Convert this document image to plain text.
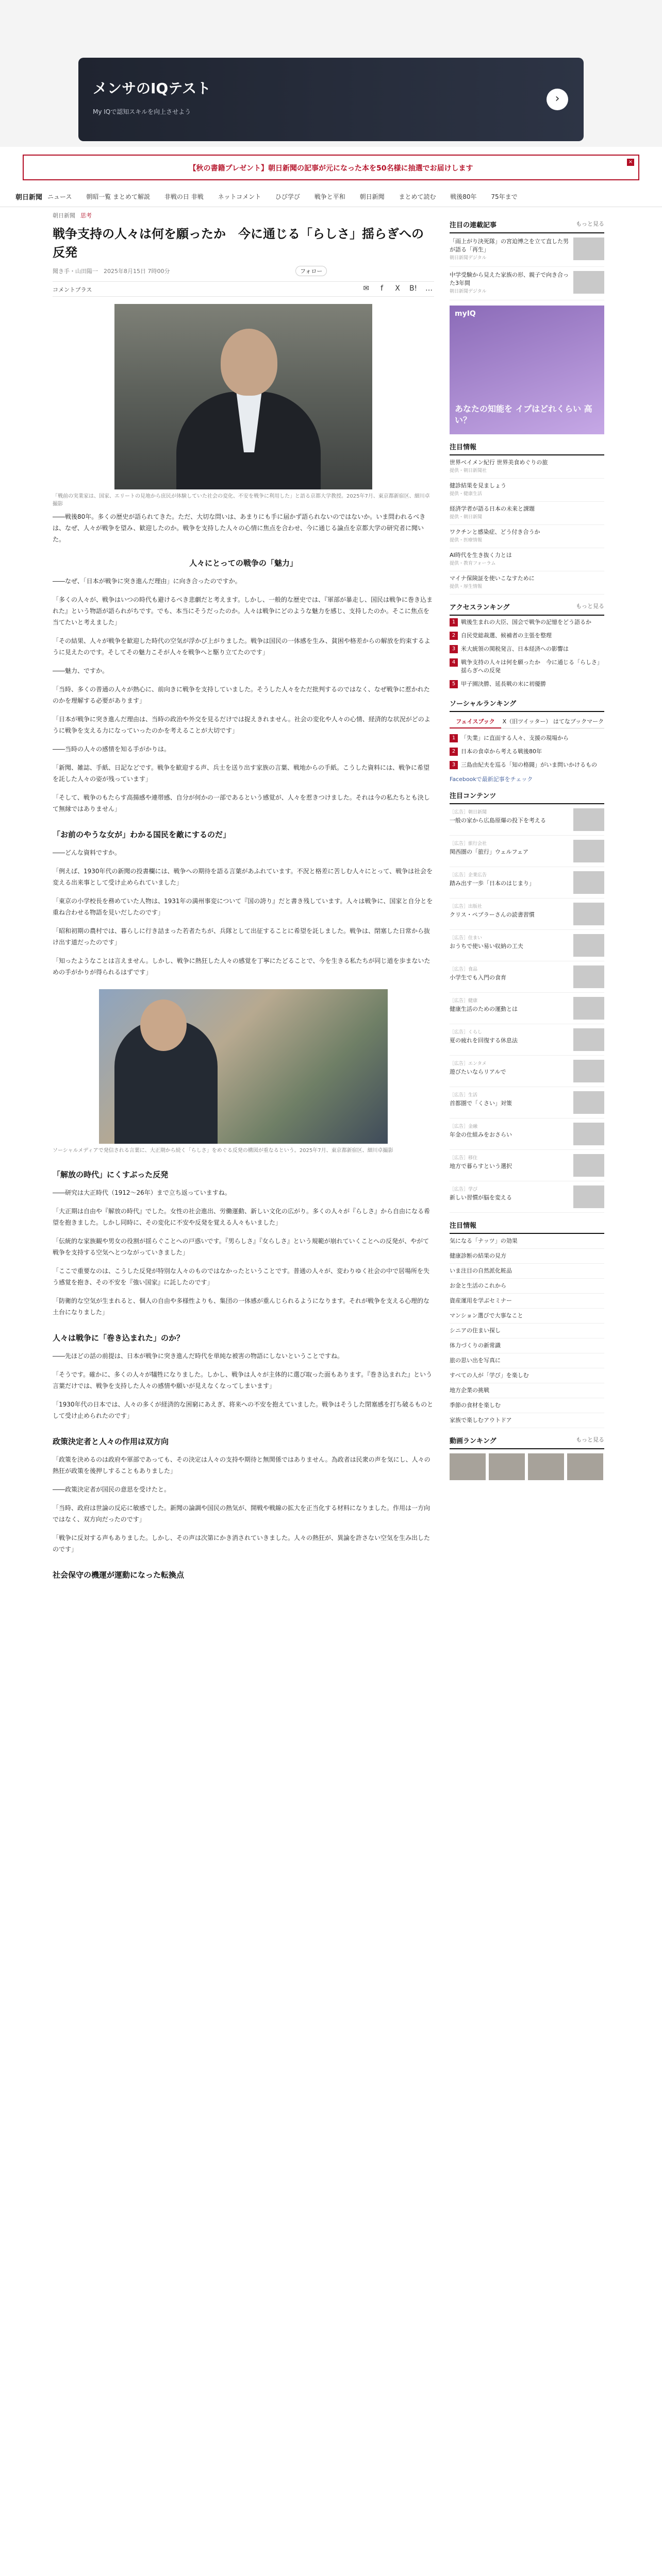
メンサのIQテスト
My IQで認知スキルを向上させよう
›
【秋の書籍プレゼント】朝日新聞の記事が元になった本を50名様に抽選でお届けします
×
朝日新聞 ニュース 朝昭一覧 まとめて解説 非戦の日 非戦 ネットコメント ひび学び 戦争と平和 朝日新聞 まとめて読む 戦後80年 75年まで
朝日新聞 思考
戦争支持の人々は何を願ったか　今に通じる「らしさ」揺らぎへの反発
聞き手・山田陽一　 2025年8月15日 7時00分	フォロー
コメントプラス	✉ f X B! …

「戦前の実業家は、国家、エリートの見地から庶民が体験していた社会の変化、不安を戦争に利用した」と語る京都大学教授。2025年7月、東京都新宿区、細川卓撮影

――戦後80年。多くの歴史が語られてきた。ただ、大切な問いは、あまりにも手に届かず語られないのではないか。いま問われるべきは、なぜ、人々が戦争を望み、歓迎したのか。戦争を支持した人々の心情に焦点を合わせ、今に通じる論点を京都大学の研究者に聞いた。

人々にとっての戦争の「魅力」

――なぜ、「日本が戦争に突き進んだ理由」に向き合ったのですか。

「多くの人々が、戦争はいつの時代も避けるべき悲劇だと考えます。しかし、一般的な歴史では、『軍部が暴走し、国民は戦争に巻き込まれた』という物語が語られがちです。でも、本当にそうだったのか。人々は戦争にどのような魅力を感じ、支持したのか。そこに焦点を当てたいと考えました」

「その結果、人々が戦争を歓迎した時代の空気が浮かび上がりました。戦争は国民の一体感を生み、貧困や格差からの解放を約束するように見えたのです。そしてその魅力こそが人々を戦争へと駆り立てたのです」

――魅力、ですか。

「当時、多くの普通の人々が熱心に、前向きに戦争を支持していました。そうした人々をただ批判するのではなく、なぜ戦争に惹かれたのかを理解する必要があります」

「日本が戦争に突き進んだ理由は、当時の政治や外交を見るだけでは捉えきれません。社会の変化や人々の心情、経済的な状況がどのように戦争を支える力になっていったのかを考えることが大切です」

――当時の人々の感情を知る手がかりは。

「新聞、雑誌、手紙、日記などです。戦争を歓迎する声、兵士を送り出す家族の言葉、戦地からの手紙。こうした資料には、戦争に希望を託した人々の姿が残っています」

「そして、戦争のもたらす高揚感や連帯感、自分が何かの一部であるという感覚が、人々を惹きつけました。それは今の私たちとも決して無縁ではありません」

「お前のやうな女が」わかる国民を敵にするのだ」

――どんな資料ですか。

「例えば、1930年代の新聞の投書欄には、戦争への期待を語る言葉があふれています。不況と格差に苦しむ人々にとって、戦争は社会を変える出来事として受け止められていました」

「東京の小学校長を務めていた人物は、1931年の満州事変について『国の誇り』だと書き残しています。人々は戦争に、国家と自分とを重ね合わせる物語を見いだしたのです」

「昭和初期の農村では、暮らしに行き詰まった若者たちが、兵隊として出征することに希望を託しました。戦争は、閉塞した日常から抜け出す道だったのです」

「知ったようなことは言えません。しかし、戦争に熱狂した人々の感覚を丁寧にたどることで、今を生きる私たちが同じ道を歩まないための手がかりが得られるはずです」

ソーシャルメディアで発信される言葉に、大正期から続く「らしさ」をめぐる反発の構図が重なるという。2025年7月、東京都新宿区、細川卓撮影

「解放の時代」にくすぶった反発

――研究は大正時代（1912〜26年）まで立ち返っていますね。

「大正期は自由や『解放の時代』でした。女性の社会進出、労働運動、新しい文化の広がり。多くの人々が『らしさ』から自由になる希望を抱きました。しかし同時に、その変化に不安や反発を覚える人々もいました」

「伝統的な家族観や男女の役割が揺らぐことへの戸惑いです。『男らしさ』『女らしさ』という規範が崩れていくことへの反発が、やがて戦争を支持する空気へとつながっていきました」

「ここで重要なのは、こうした反発が特別な人々のものではなかったということです。普通の人々が、変わりゆく社会の中で居場所を失う感覚を抱き、その不安を『強い国家』に託したのです」

「防衛的な空気が生まれると、個人の自由や多様性よりも、集団の一体感が重んじられるようになります。それが戦争を支える心理的な土台になりました」

人々は戦争に「巻き込まれた」のか？

――先ほどの話の前提は、日本が戦争に突き進んだ時代を単純な被害の物語にしないということですね。

「そうです。確かに、多くの人々が犠牲になりました。しかし、戦争は人々が主体的に選び取った面もあります。『巻き込まれた』という言葉だけでは、戦争を支持した人々の感情や願いが見えなくなってしまいます」

「1930年代の日本では、人々の多くが経済的な困窮にあえぎ、将来への不安を抱えていました。戦争はそうした閉塞感を打ち破るものとして受け止められたのです」

政策決定者と人々の作用は双方向

「政策を決めるのは政府や軍部であっても、その決定は人々の支持や期待と無関係ではありません。為政者は民衆の声を気にし、人々の熱狂が政策を後押しすることもありました」

――政策決定者が国民の意思を受けたと。

「当時、政府は世論の反応に敏感でした。新聞の論調や国民の熱気が、開戦や戦線の拡大を正当化する材料になりました。作用は一方向ではなく、双方向だったのです」

「戦争に反対する声もありました。しかし、その声は次第にかき消されていきました。人々の熱狂が、異論を許さない空気を生み出したのです」

社会保守の機運が運動になった転換点
注目の連載記事	もっと見る
「雨上がり決死隊」の宮迫博之を立て直した男が語る「再生」
朝日新聞デジタル
中学受験から見えた家族の形、親子で向き合った3年間
朝日新聞デジタル
myIQ
あなたの知能を イプはどれくらい 高い？
注目情報
世界ベイメン紀行 世界美食めぐりの旅
提供・朝日新聞社
健診結果を見ましょう
提供・健康生活
経済学者が語る日本の未来と課題
提供・朝日新聞
ワクチンと感染症、どう付き合うか
提供・医療情報
AI時代を生き抜く力とは
提供・教育フォーラム
マイナ保険証を使いこなすために
提供・厚生情報
アクセスランキング	もっと見る
1 戦後生まれの大臣、国会で戦争の記憶をどう語るか
2 自民党総裁選、候補者の主張を整理
3 米大統領の関税発言、日本経済への影響は
4 戦争支持の人々は何を願ったか　今に通じる「らしさ」揺らぎへの反発
5 甲子園決勝、延長戦の末に初優勝
ソーシャルランキング
フェイスブック	X（旧ツイッター） はてなブックマーク
1 「失業」に直面する人々、支援の現場から
2 日本の食卓から考える戦後80年
3 三島由紀夫を巡る「知の格闘」がいま問いかけるもの
Facebookで最新記事をチェック
注目コンテンツ
［広告］朝日新聞
一般の家から広島原爆の投下を考える
［広告］旅行会社
関西圏の「旅行」ウェルフェア
［広告］企業広告
踏み出す一歩「日本のはじまり」
［広告］出版社
クリス・ペプラーさんの読書習慣
［広告］住まい
おうちで使い易い収納の工夫
［広告］食品
小学生でも入門の食育
［広告］健康
健康生活のための運動とは
［広告］くらし
夏の疲れを回復する休息法
［広告］エンタメ
遊びたいならリアルで
［広告］生活
首都圏で「くさい」対策
［広告］金融
年金の仕組みをおさらい
［広告］移住
地方で暮らすという選択
［広告］学び
新しい習慣が脳を変える
注目情報
気になる「ナッツ」の効果
健康診断の結果の見方
いま注目の自然派化粧品
お金と生活のこれから
資産運用を学ぶセミナー
マンション選びで大事なこと
シニアの住まい探し
体力づくりの新常識
旅の思い出を写真に
すべての人が「学び」を楽しむ
地方企業の挑戦
季節の食材を楽しむ
家族で楽しむアウトドア
動画ランキング	もっと見る
